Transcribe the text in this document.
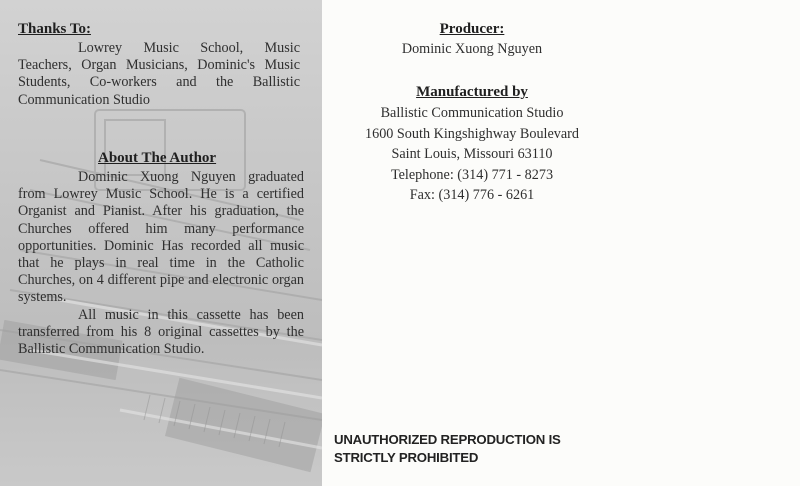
Thanks To:
Lowrey Music School, Music Teachers, Organ Musicians, Dominic's Music Students, Co-workers and the Ballistic Communication Studio
About The Author

Dominic Xuong Nguyen graduated from Lowrey Music School. He is a certified Organist and Pianist. After his graduation, the Churches offered him many performance opportunities. Dominic Has recorded all music that he plays in real time in the Catholic Churches, on 4 different pipe and electronic organ systems.

All music in this cassette has been transferred from his 8 original cassettes by the Ballistic Communication Studio.

Producer:
Dominic Xuong Nguyen
Manufactured by
Ballistic Communication Studio
1600 South Kingshighway Boulevard
Saint Louis, Missouri 63110
Telephone: (314) 771 - 8273
Fax: (314) 776 - 6261
UNAUTHORIZED REPRODUCTION IS
STRICTLY PROHIBITED
